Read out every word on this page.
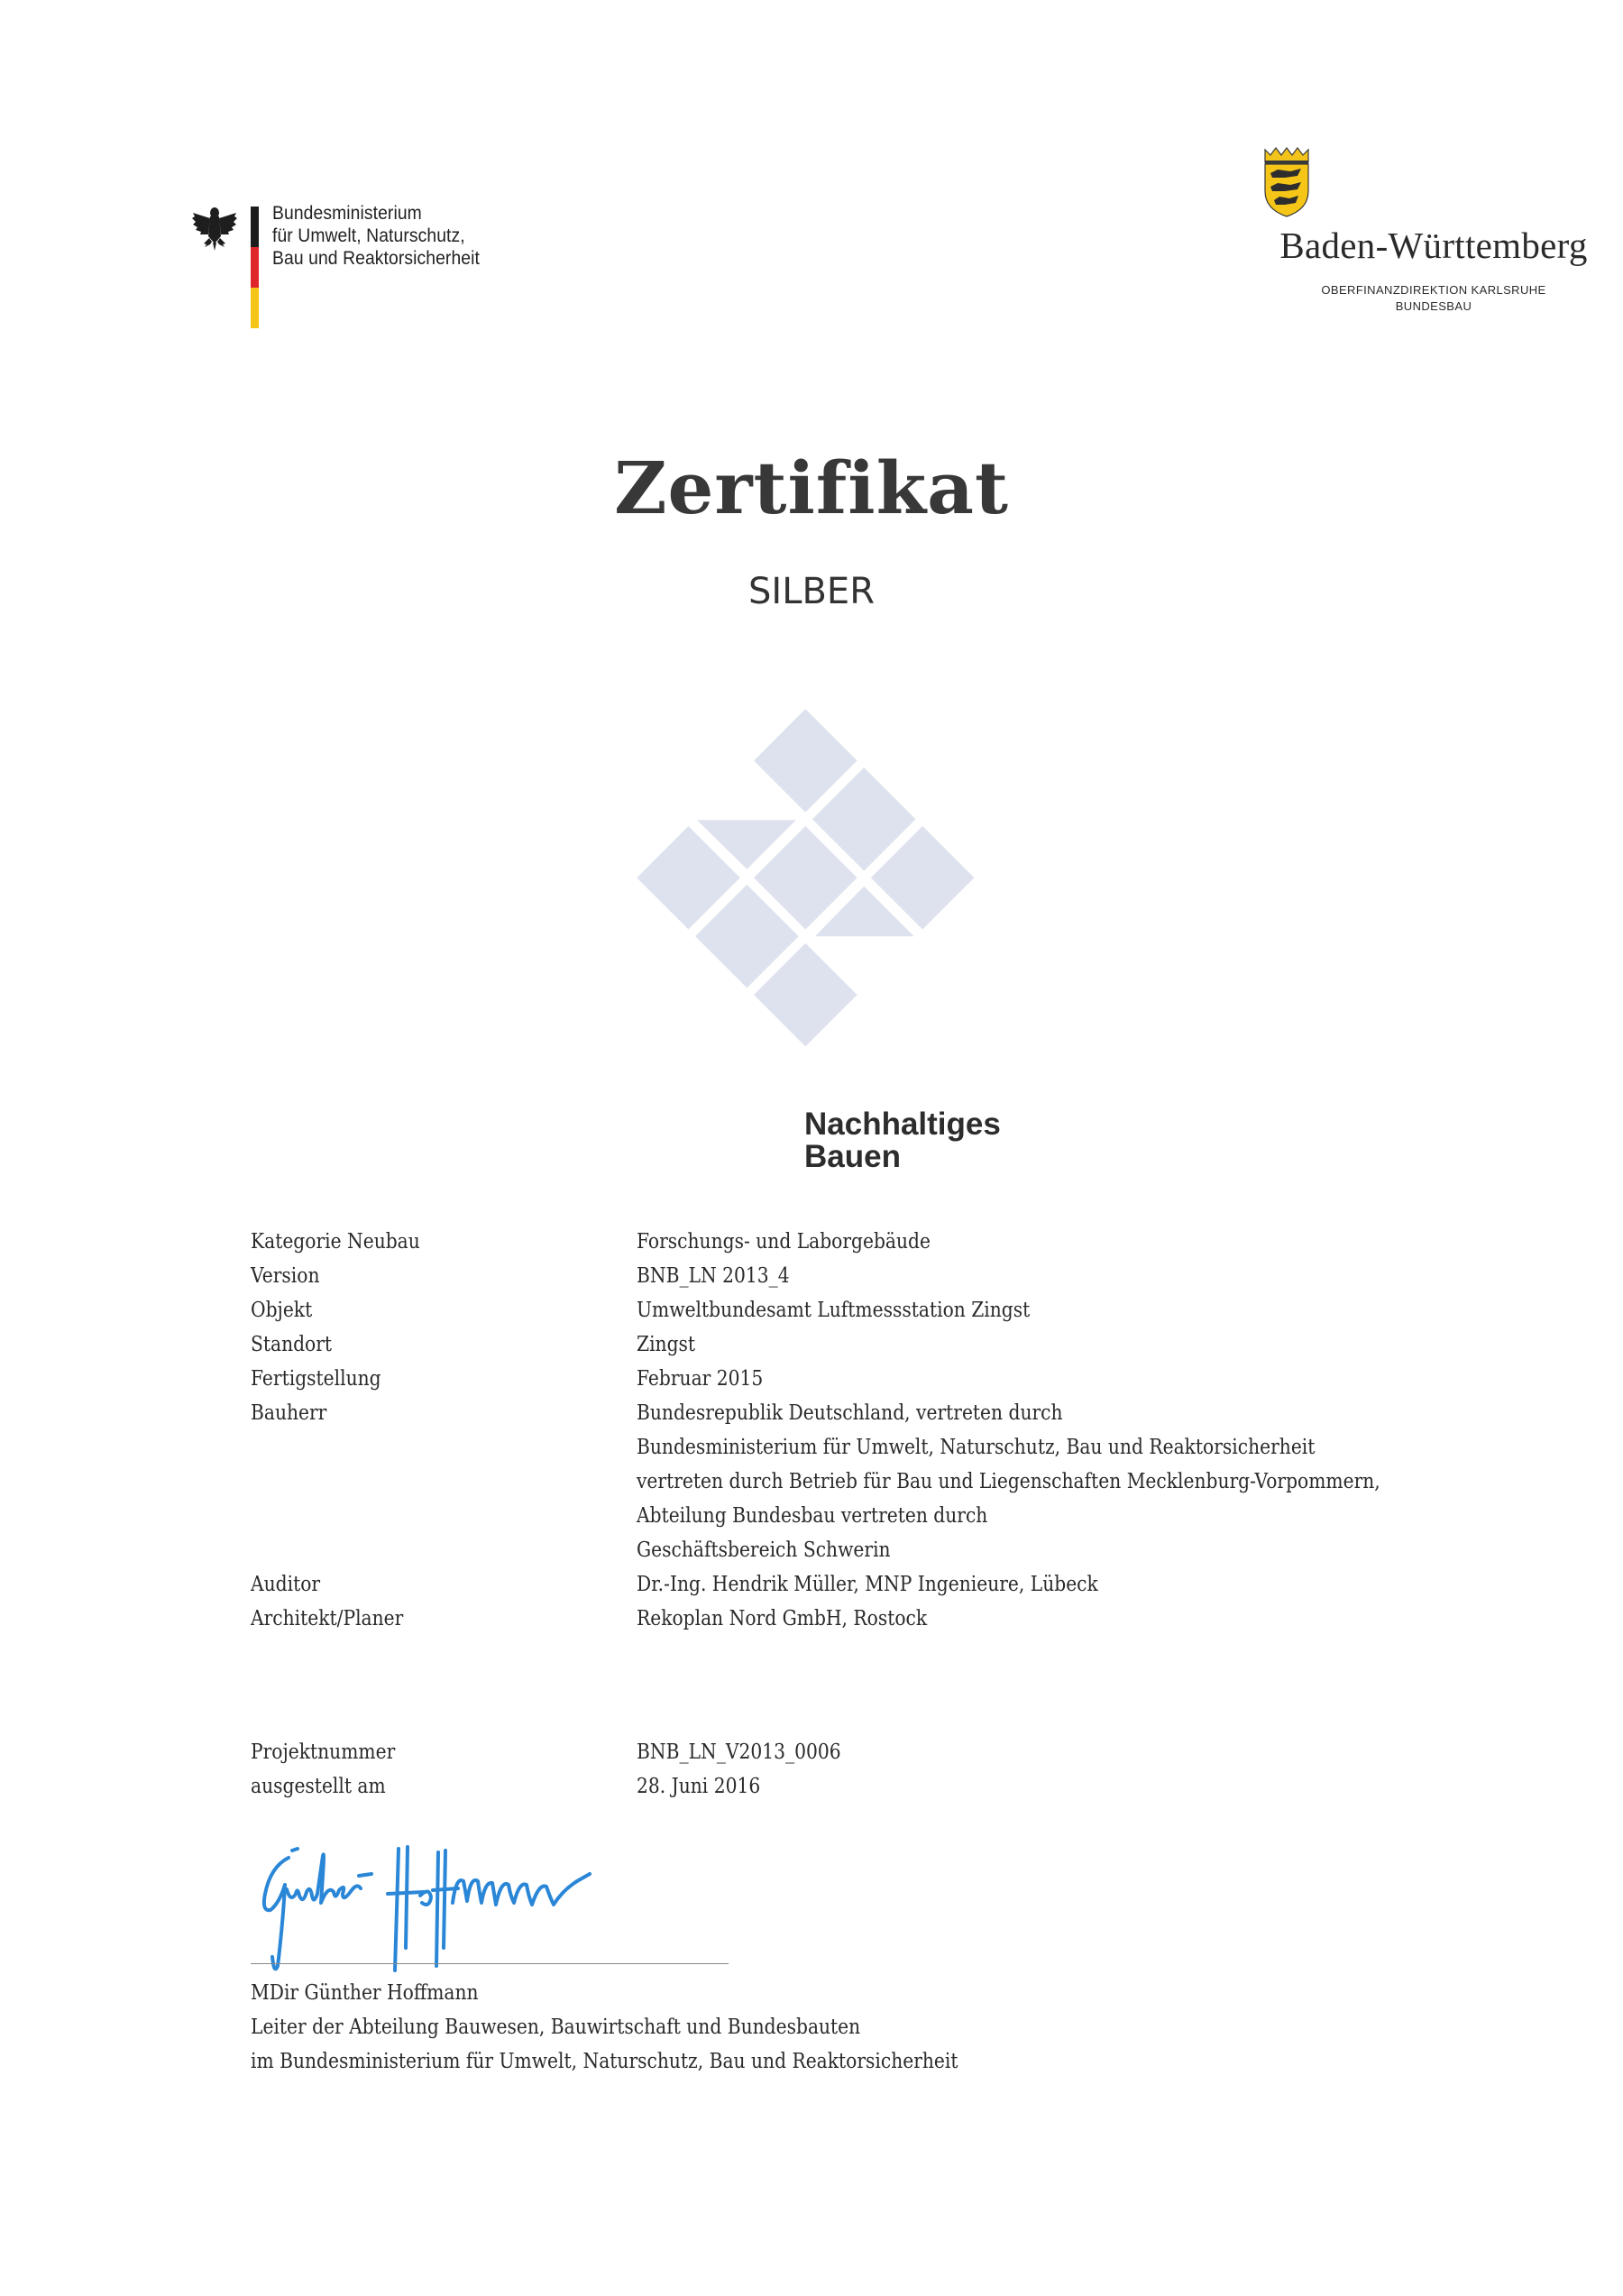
Bundesministerium
für Umwelt, Naturschutz,
Bau und Reaktorsicherheit	Baden-Württemberg
OBERFINANZDIREKTION KARLSRUHE
BUNDESBAU
Zertifikat
SILBER
Nachhaltiges
Bauen
Kategorie Neubau	Forschungs- und Laborgebäude
Version	BNB_LN 2013_4
Objekt	Umweltbundesamt Luftmessstation Zingst
Standort	Zingst
Fertigstellung	Februar 2015
Bauherr	Bundesrepublik Deutschland, vertreten durch
Bundesministerium für Umwelt, Naturschutz, Bau und Reaktorsicherheit
vertreten durch Betrieb für Bau und Liegenschaften Mecklenburg-Vorpommern,
Abteilung Bundesbau vertreten durch
Geschäftsbereich Schwerin
Auditor	Dr.-Ing. Hendrik Müller, MNP Ingenieure, Lübeck
Architekt/Planer	Rekoplan Nord GmbH, Rostock
Projektnummer	BNB_LN_V2013_0006
ausgestellt am	28. Juni 2016
MDir Günther Hoffmann
Leiter der Abteilung Bauwesen, Bauwirtschaft und Bundesbauten
im Bundesministerium für Umwelt, Naturschutz, Bau und Reaktorsicherheit
